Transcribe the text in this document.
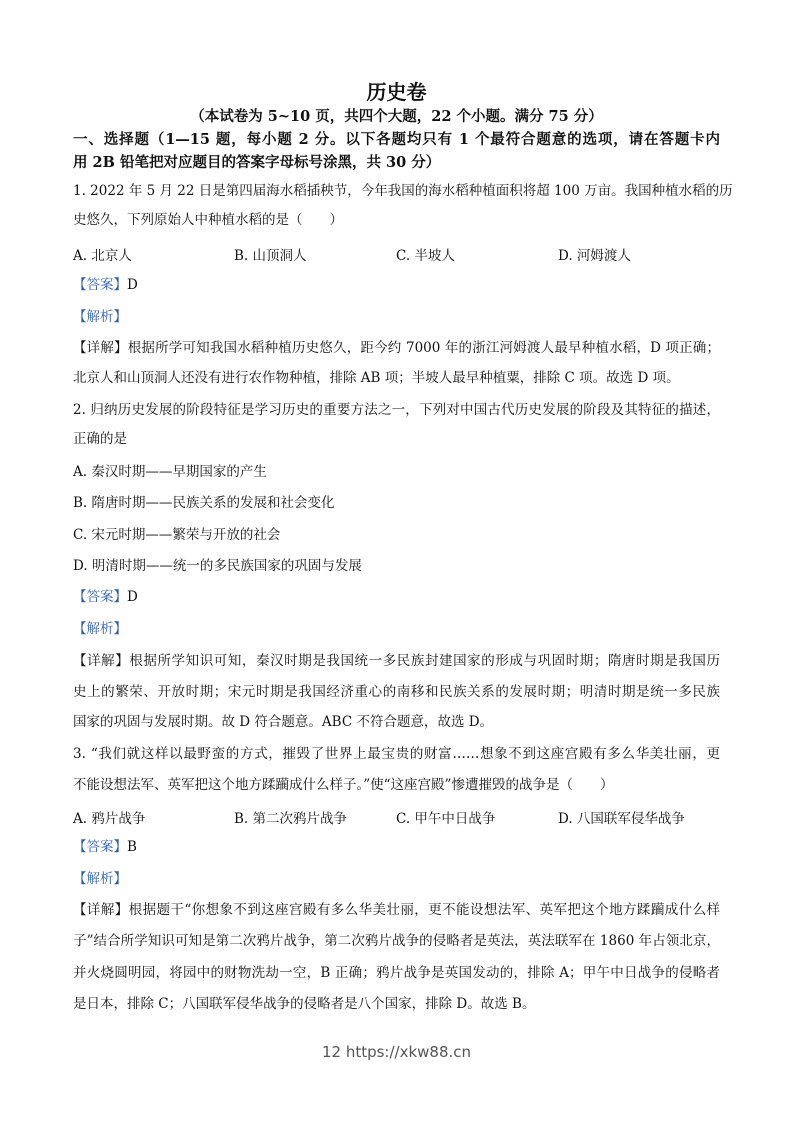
历史卷
（本试卷为 5~10 页，共四个大题，22 个小题。满分 75 分）
一、选择题（1—15 题，每小题 2 分。以下各题均只有 1 个最符合题意的选项，请在答题卡内
用 2B 铅笔把对应题目的答案字母标号涂黑，共 30 分）
1. 2022 年 5 月 22 日是第四届海水稻插秧节，今年我国的海水稻种植面积将超 100 万亩。我国种植水稻的历
史悠久，下列原始人中种植水稻的是（　　）
A. 北京人	B. 山顶洞人	C. 半坡人	D. 河姆渡人
【答案】D
【解析】
【详解】根据所学可知我国水稻种植历史悠久，距今约 7000 年的浙江河姆渡人最早种植水稻，D 项正确；
北京人和山顶洞人还没有进行农作物种植，排除 AB 项；半坡人最早种植粟，排除 C 项。故选 D 项。
2. 归纳历史发展的阶段特征是学习历史的重要方法之一，下列对中国古代历史发展的阶段及其特征的描述，
正确的是
A. 秦汉时期——早期国家的产生
B. 隋唐时期——民族关系的发展和社会变化
C. 宋元时期——繁荣与开放的社会
D. 明清时期——统一的多民族国家的巩固与发展
【答案】D
【解析】
【详解】根据所学知识可知，秦汉时期是我国统一多民族封建国家的形成与巩固时期；隋唐时期是我国历
史上的繁荣、开放时期；宋元时期是我国经济重心的南移和民族关系的发展时期；明清时期是统一多民族
国家的巩固与发展时期。故 D 符合题意。ABC 不符合题意，故选 D。
3. “我们就这样以最野蛮的方式，摧毁了世界上最宝贵的财富……想象不到这座宫殿有多么华美壮丽，更
不能设想法军、英军把这个地方蹂躏成什么样子。”使“这座宫殿”惨遭摧毁的战争是（　　）
A. 鸦片战争	B. 第二次鸦片战争	C. 甲午中日战争	D. 八国联军侵华战争
【答案】B
【解析】
【详解】根据题干“你想象不到这座宫殿有多么华美壮丽，更不能设想法军、英军把这个地方蹂躏成什么样
子”结合所学知识可知是第二次鸦片战争，第二次鸦片战争的侵略者是英法，英法联军在 1860 年占领北京，
并火烧圆明园，将园中的财物洗劫一空，B 正确；鸦片战争是英国发动的，排除 A；甲午中日战争的侵略者
是日本，排除 C；八国联军侵华战争的侵略者是八个国家，排除 D。故选 B。
12 https://xkw88.cn
